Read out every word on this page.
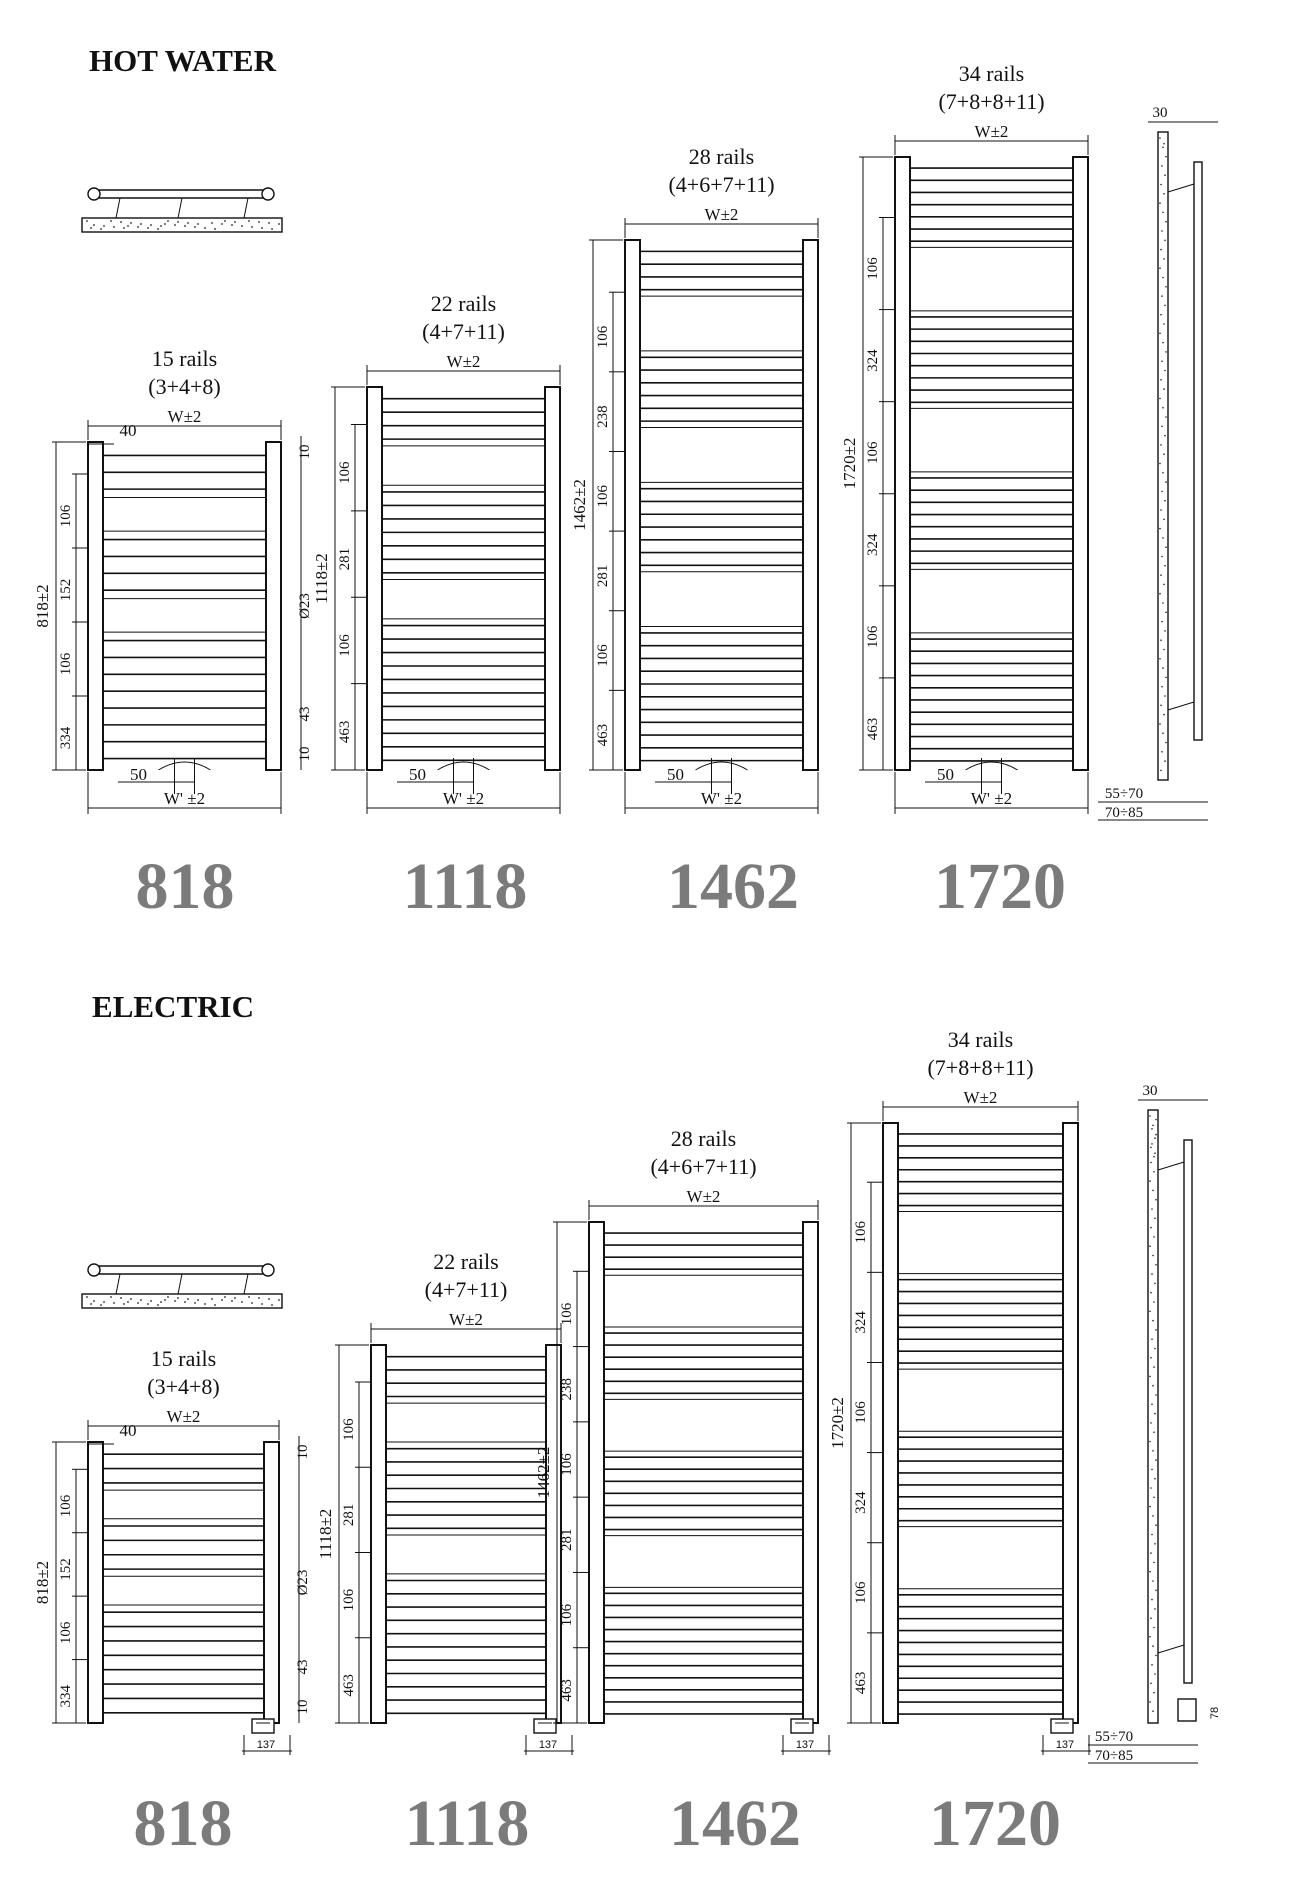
HOT WATER
W±2
15 rails
(3+4+8)
818±2
106
152
106
334
W' ±2
50
10
Ø23
43
10
40
818
W±2
22 rails
(4+7+11)
1118±2
106
281
106
463
W' ±2
50
1118
W±2
28 rails
(4+6+7+11)
1462±2
106
238
106
281
106
463
W' ±2
50
1462
W±2
34 rails
(7+8+8+11)
1720±2
106
324
106
324
106
463
W' ±2
50
1720
30
55÷70
70÷85
ELECTRIC
W±2
15 rails
(3+4+8)
818±2
106
152
106
334
137
10
Ø23
43
10
40
818
W±2
22 rails
(4+7+11)
1118±2
106
281
106
463
137
1118
W±2
28 rails
(4+6+7+11)
1462±2
106
238
106
281
106
463
137
1462
W±2
34 rails
(7+8+8+11)
1720±2
106
324
106
324
106
463
137
1720
30
55÷70
70÷85
78
